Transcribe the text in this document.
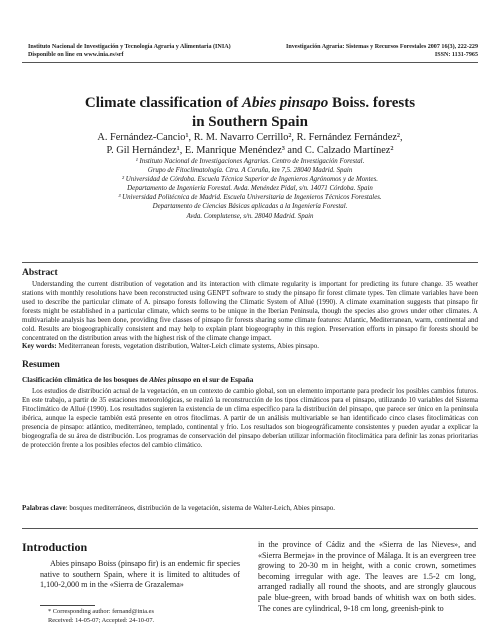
Instituto Nacional de Investigación y Tecnología Agraria y Alimentaria (INIA)
Disponible on line en www.inia.es/srf
Investigación Agraria: Sistemas y Recursos Forestales 2007 16(3), 222-229
ISSN: 1131-7965
Climate classification of Abies pinsapo Boiss. forests
in Southern Spain
A. Fernández-Cancio¹, R. M. Navarro Cerrillo², R. Fernández Fernández²,
P. Gil Hernández¹, E. Manrique Menéndez³ and C. Calzado Martínez²
¹ Instituto Nacional de Investigaciones Agrarias. Centro de Investigación Forestal.
Grupo de Fitoclimatología. Ctra. A Coruña, km 7,5. 28040 Madrid. Spain
² Universidad de Córdoba. Escuela Técnica Superior de Ingenieros Agrónomos y de Montes.
Departamento de Ingeniería Forestal. Avda. Menéndez Pidal, s/n. 14071 Córdoba. Spain
³ Universidad Politécnica de Madrid. Escuela Universitaria de Ingenieros Técnicos Forestales.
Departamento de Ciencias Básicas aplicadas a la Ingeniería Forestal.
Avda. Complutense, s/n. 28040 Madrid. Spain
Abstract
Understanding the current distribution of vegetation and its interaction with climate regularity is important for predicting its future change. 35 weather stations with monthly resolutions have been reconstructed using GENPT software to study the pinsapo fir forest climate types. Ten climate variables have been used to describe the particular climate of A. pinsapo forests following the Climatic System of Allué (1990). A climate examination suggests that pinsapo fir forests might be established in a particular climate, which seems to be unique in the Iberian Peninsula, though the species also grows under other climates. A multivariable analysis has been done, providing five classes of pinsapo fir forests sharing some climate features: Atlantic, Mediterranean, warm, continental and cold. Results are biogeographically consistent and may help to explain plant biogeography in this region. Preservation efforts in pinsapo fir forests should be concentrated on the distribution areas with the highest risk of the climate change impact.
Key words: Mediterranean forests, vegetation distribution, Walter-Leich climate systems, Abies pinsapo.
Resumen
Clasificación climática de los bosques de Abies pinsapo en el sur de España
Los estudios de distribución actual de la vegetación, en un contexto de cambio global, son un elemento importante para predecir los posibles cambios futuros. En este trabajo, a partir de 35 estaciones meteorológicas, se realizó la reconstrucción de los tipos climáticos para el pinsapo, utilizando 10 variables del Sistema Fitoclimático de Allué (1990). Los resultados sugieren la existencia de un clima específico para la distribución del pinsapo, que parece ser único en la península ibérica, aunque la especie también está presente en otros fitoclimas. A partir de un análisis multivariable se han identificado cinco clases fitoclimáticas con presencia de pinsapo: atlántico, mediterráneo, templado, continental y frío. Los resultados son biogeográficamente consistentes y pueden ayudar a explicar la biogeografía de su área de distribución. Los programas de conservación del pinsapo deberían utilizar información fitoclimática para definir las zonas prioritarias de protección frente a los posibles efectos del cambio climático.
Palabras clave: bosques mediterráneos, distribución de la vegetación, sistema de Walter-Leich, Abies pinsapo.
Introduction
Abies pinsapo Boiss (pinsapo fir) is an endemic fir species native to southern Spain, where it is limited to altitudes of 1,100-2,000 m in the «Sierra de Grazalema»
in the province of Cádiz and the «Sierra de las Nieves», and «Sierra Bermeja» in the province of Málaga. It is an evergreen tree growing to 20-30 m in height, with a conic crown, sometimes becoming irregular with age. The leaves are 1.5-2 cm long, arranged radially all round the shoots, and are strongly glaucous pale blue-green, with broad bands of whitish wax on both sides. The cones are cylindrical, 9-18 cm long, greenish-pink to
* Corresponding author: fernand@inia.es
Received: 14-05-07; Accepted: 24-10-07.
